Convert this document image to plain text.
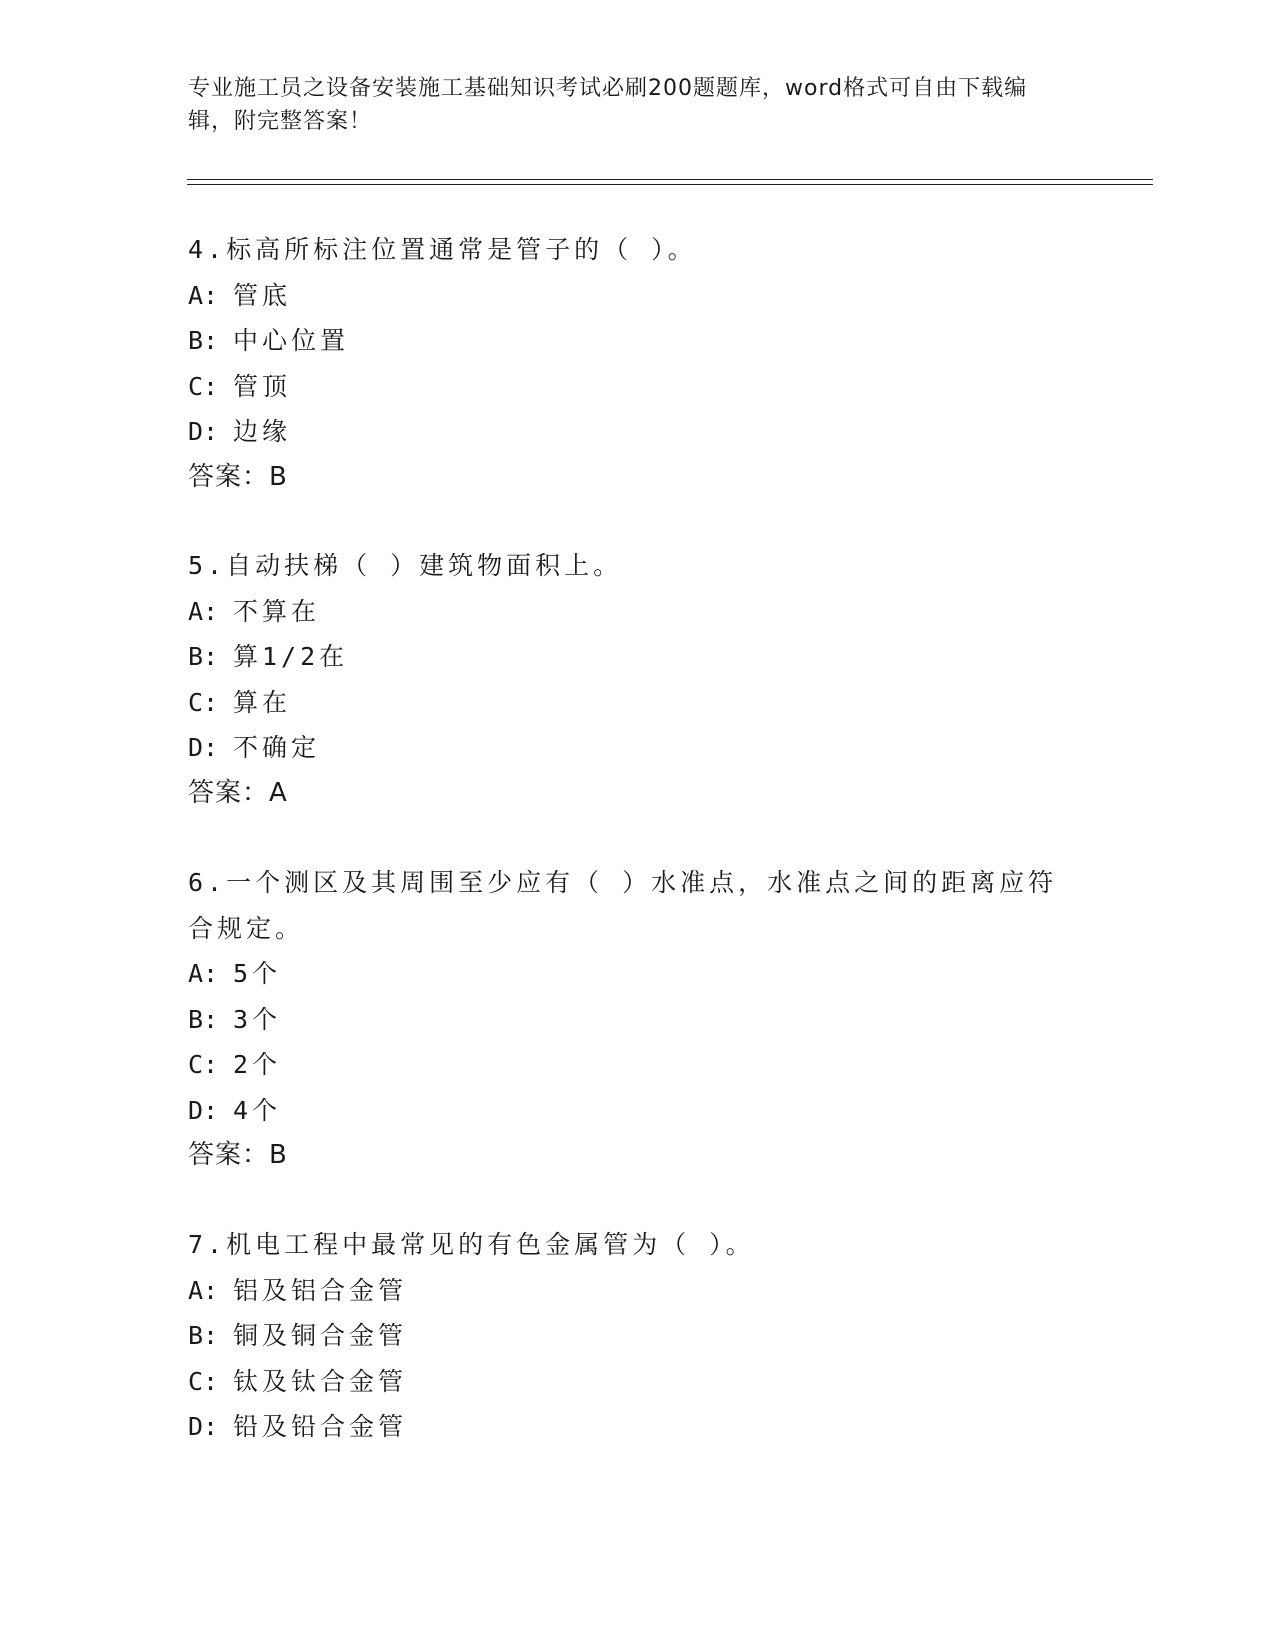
专业施工员之设备安装施工基础知识考试必刷200题题库，word格式可自由下载编辑，附完整答案！
4.标高所标注位置通常是管子的（ ）。
A: 管底
B: 中心位置
C: 管顶
D: 边缘
答案：B
5.自动扶梯（ ）建筑物面积上。
A: 不算在
B: 算1/2在
C: 算在
D: 不确定
答案：A
6.一个测区及其周围至少应有（ ）水准点，水准点之间的距离应符合规定。
A: 5个
B: 3个
C: 2个
D: 4个
答案：B
7.机电工程中最常见的有色金属管为（ ）。
A: 铝及铝合金管
B: 铜及铜合金管
C: 钛及钛合金管
D: 铅及铅合金管
